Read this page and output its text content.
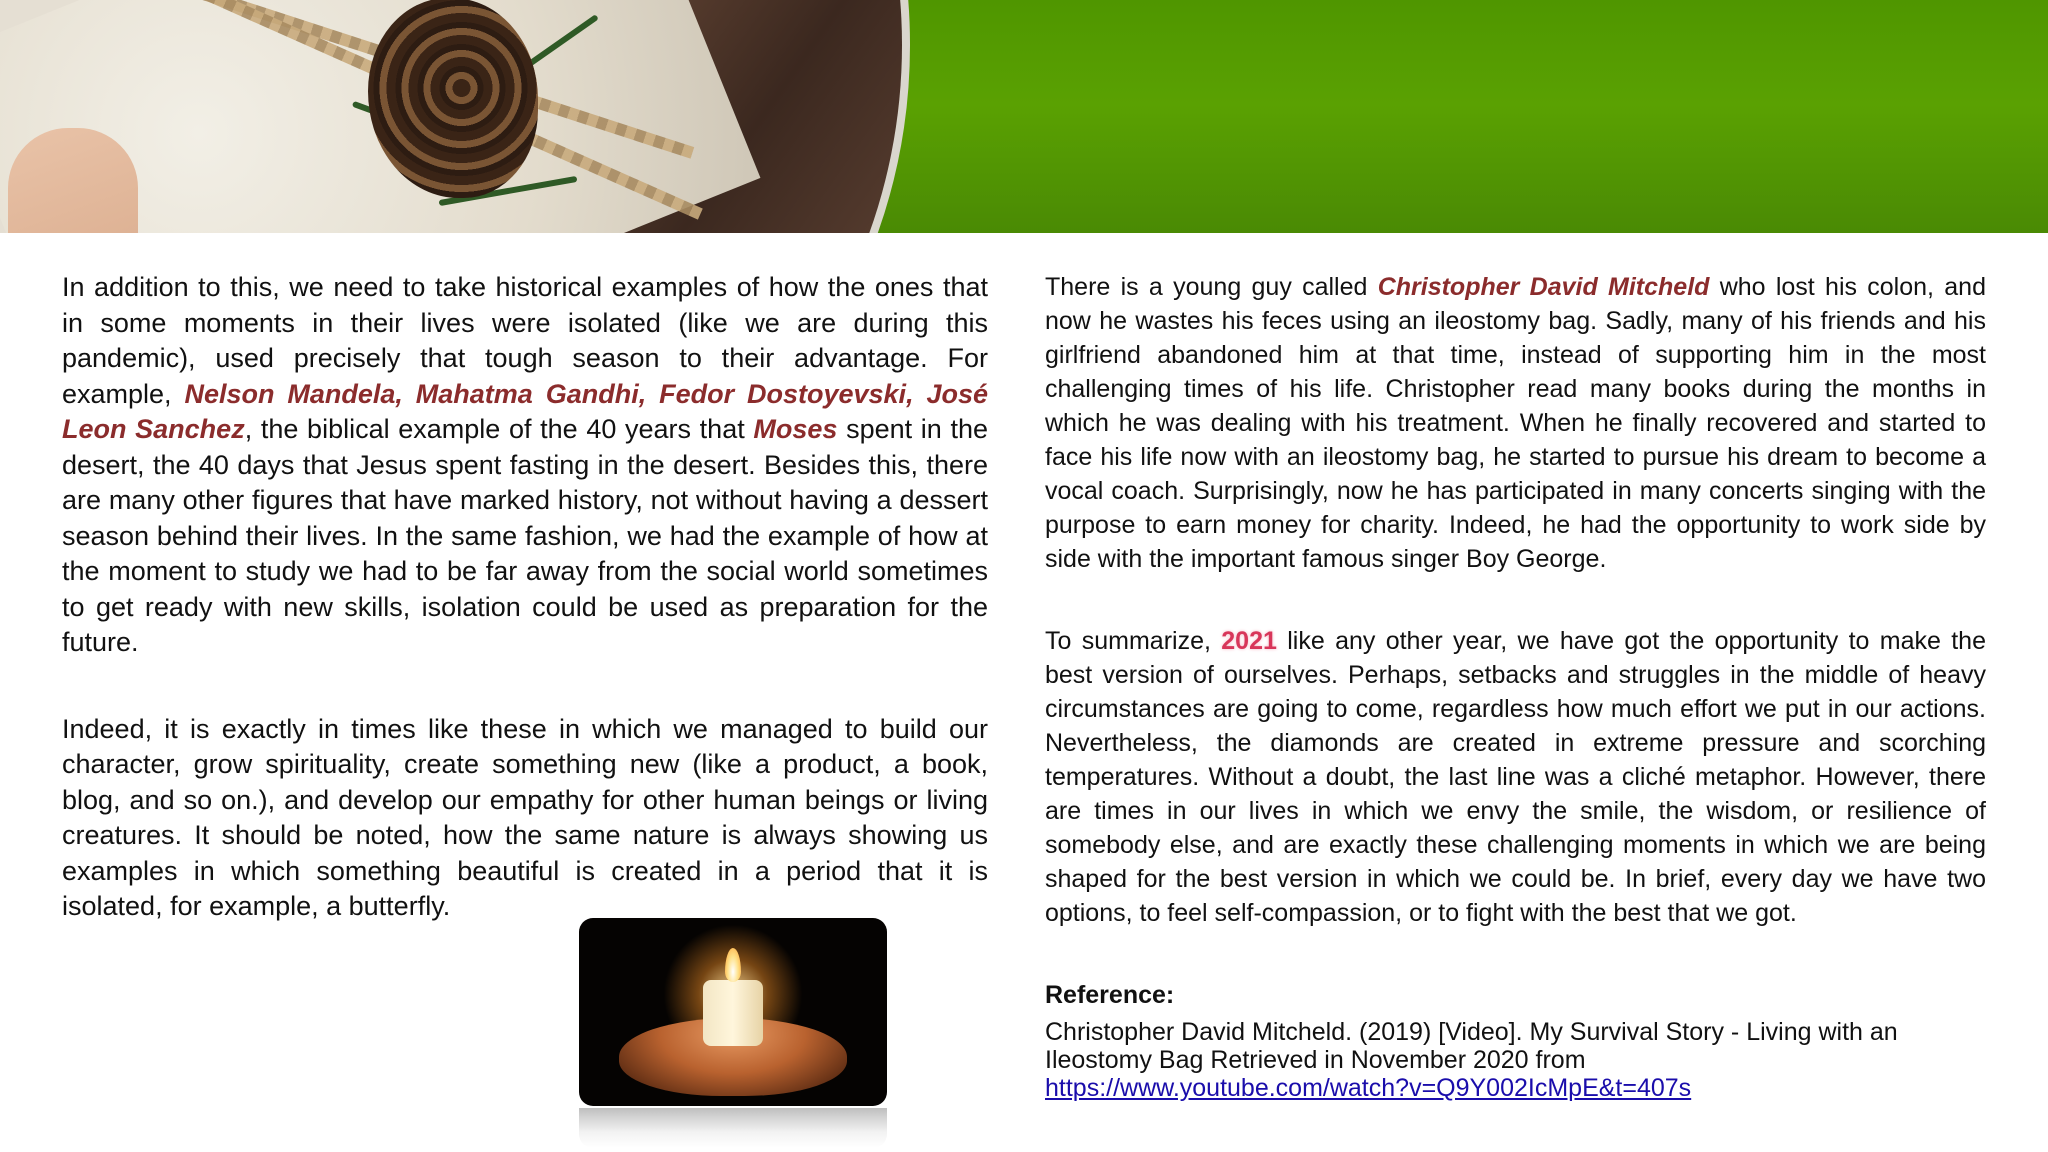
In addition to this, we need to take historical examples of how the ones that in some moments in their lives were isolated (like we are during this pandemic), used precisely that tough season to their advantage. For example, Nelson Mandela, Mahatma Gandhi, Fedor Dostoyevski, José Leon Sanchez, the biblical example of the 40 years that Moses spent in the desert, the 40 days that Jesus spent fasting in the desert. Besides this, there are many other figures that have marked history, not without having a dessert season behind their lives. In the same fashion, we had the example of how at the moment to study we had to be far away from the social world sometimes to get ready with new skills, isolation could be used as preparation for the future.

Indeed, it is exactly in times like these in which we managed to build our character, grow spirituality, create something new (like a product, a book, blog, and so on.), and develop our empathy for other human beings or living creatures. It should be noted, how the same nature is always showing us examples in which something beautiful is created in a period that it is isolated, for example, a butterfly.

There is a young guy called Christopher David Mitcheld who lost his colon, and now he wastes his feces using an ileostomy bag. Sadly, many of his friends and his girlfriend abandoned him at that time, instead of supporting him in the most challenging times of his life. Christopher read many books during the months in which he was dealing with his treatment. When he finally recovered and started to face his life now with an ileostomy bag, he started to pursue his dream to become a vocal coach. Surprisingly, now he has participated in many concerts singing with the purpose to earn money for charity. Indeed, he had the opportunity to work side by side with the important famous singer Boy George.

To summarize, 2021 like any other year, we have got the opportunity to make the best version of ourselves. Perhaps, setbacks and struggles in the middle of heavy circumstances are going to come, regardless how much effort we put in our actions. Nevertheless, the diamonds are created in extreme pressure and scorching temperatures. Without a doubt, the last line was a cliché metaphor. However, there are times in our lives in which we envy the smile, the wisdom, or resilience of somebody else, and are exactly these challenging moments in which we are being shaped for the best version in which we could be. In brief, every day we have two options, to feel self-compassion, or to fight with the best that we got.

Reference:

Christopher David Mitcheld. (2019) [Video]. My Survival Story - Living with an
Ileostomy Bag Retrieved in November 2020 from
https://www.youtube.com/watch?v=Q9Y002IcMpE&t=407s
